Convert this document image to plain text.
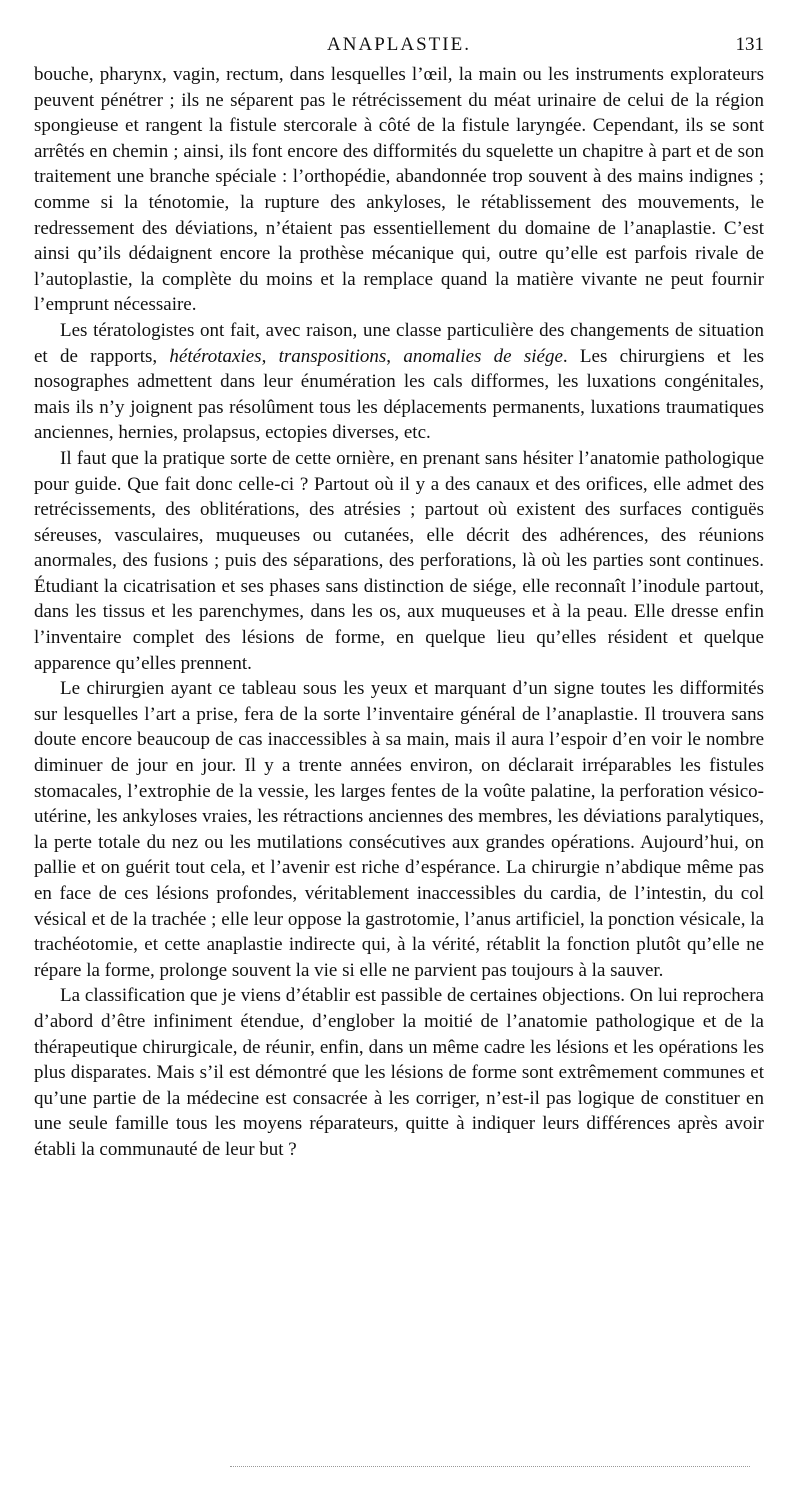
ANAPLASTIE.	131

bouche, pharynx, vagin, rectum, dans lesquelles l’œil, la main ou les instruments explorateurs peuvent pénétrer ; ils ne séparent pas le rétrécissement du méat urinaire de celui de la région spongieuse et rangent la fistule stercorale à côté de la fistule laryngée. Cependant, ils se sont arrêtés en chemin ; ainsi, ils font encore des difformités du squelette un chapitre à part et de son traitement une branche spéciale : l’orthopédie, abandonnée trop souvent à des mains indignes ; comme si la ténotomie, la rupture des ankyloses, le rétablissement des mouvements, le redressement des déviations, n’étaient pas essentiellement du domaine de l’anaplastie. C’est ainsi qu’ils dédaignent encore la prothèse mécanique qui, outre qu’elle est parfois rivale de l’autoplastie, la complète du moins et la remplace quand la matière vivante ne peut fournir l’emprunt nécessaire.

Les tératologistes ont fait, avec raison, une classe particulière des changements de situation et de rapports, hétérotaxies, transpositions, anomalies de siége. Les chirurgiens et les nosographes admettent dans leur énumération les cals difformes, les luxations congénitales, mais ils n’y joignent pas résolûment tous les déplacements permanents, luxations traumatiques anciennes, hernies, prolapsus, ectopies diverses, etc.

Il faut que la pratique sorte de cette ornière, en prenant sans hésiter l’anatomie pathologique pour guide. Que fait donc celle-ci ? Partout où il y a des canaux et des orifices, elle admet des retrécissements, des oblitérations, des atrésies ; partout où existent des surfaces contiguës séreuses, vasculaires, muqueuses ou cutanées, elle décrit des adhérences, des réunions anormales, des fusions ; puis des séparations, des perforations, là où les parties sont continues. Étudiant la cicatrisation et ses phases sans distinction de siége, elle reconnaît l’inodule partout, dans les tissus et les parenchymes, dans les os, aux muqueuses et à la peau. Elle dresse enfin l’inventaire complet des lésions de forme, en quelque lieu qu’elles résident et quelque apparence qu’elles prennent.

Le chirurgien ayant ce tableau sous les yeux et marquant d’un signe toutes les difformités sur lesquelles l’art a prise, fera de la sorte l’inventaire général de l’anaplastie. Il trouvera sans doute encore beaucoup de cas inaccessibles à sa main, mais il aura l’espoir d’en voir le nombre diminuer de jour en jour. Il y a trente années environ, on déclarait irréparables les fistules stomacales, l’extrophie de la vessie, les larges fentes de la voûte palatine, la perforation vésico-utérine, les ankyloses vraies, les rétractions anciennes des membres, les déviations paralytiques, la perte totale du nez ou les mutilations consécutives aux grandes opérations. Aujourd’hui, on pallie et on guérit tout cela, et l’avenir est riche d’espérance. La chirurgie n’abdique même pas en face de ces lésions profondes, véritablement inaccessibles du cardia, de l’intestin, du col vésical et de la trachée ; elle leur oppose la gastrotomie, l’anus artificiel, la ponction vésicale, la trachéotomie, et cette anaplastie indirecte qui, à la vérité, rétablit la fonction plutôt qu’elle ne répare la forme, prolonge souvent la vie si elle ne parvient pas toujours à la sauver.

La classification que je viens d’établir est passible de certaines objections. On lui reprochera d’abord d’être infiniment étendue, d’englober la moitié de l’anatomie pathologique et de la thérapeutique chirurgicale, de réunir, enfin, dans un même cadre les lésions et les opérations les plus disparates. Mais s’il est démontré que les lésions de forme sont extrêmement communes et qu’une partie de la médecine est consacrée à les corriger, n’est-il pas logique de constituer en une seule famille tous les moyens réparateurs, quitte à indiquer leurs différences après avoir établi la communauté de leur but ?
